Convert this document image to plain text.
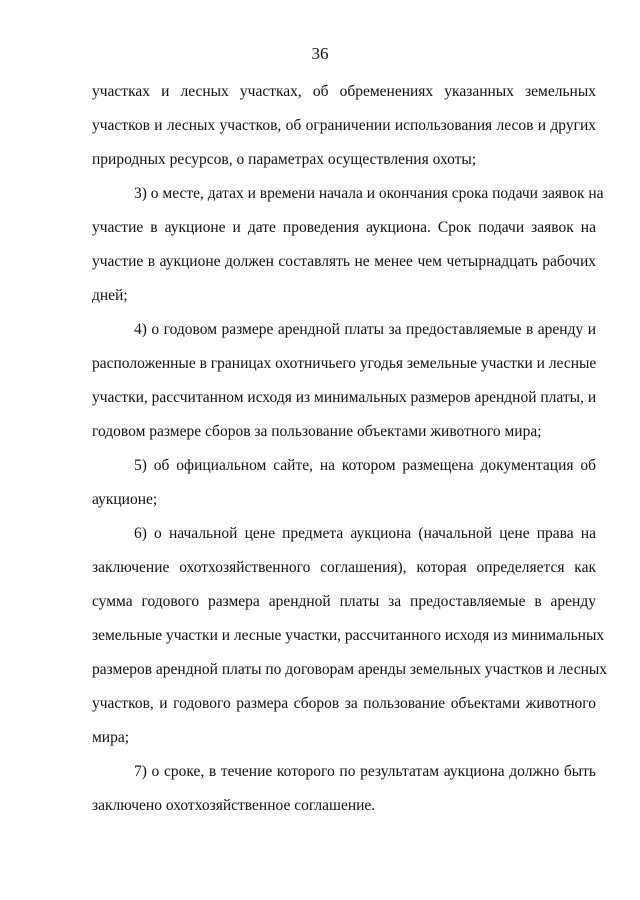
36
участках и лесных участках, об обременениях указанных земельных
участков и лесных участков, об ограничении использования лесов и других
природных ресурсов, о параметрах осуществления охоты;
3) о месте, датах и времени начала и окончания срока подачи заявок на
участие в аукционе и дате проведения аукциона. Срок подачи заявок на
участие в аукционе должен составлять не менее чем четырнадцать рабочих
дней;
4) о годовом размере арендной платы за предоставляемые в аренду и
расположенные в границах охотничьего угодья земельные участки и лесные
участки, рассчитанном исходя из минимальных размеров арендной платы, и
годовом размере сборов за пользование объектами животного мира;
5) об официальном сайте, на котором размещена документация об
аукционе;
6) о начальной цене предмета аукциона (начальной цене права на
заключение охотхозяйственного соглашения), которая определяется как
сумма годового размера арендной платы за предоставляемые в аренду
земельные участки и лесные участки, рассчитанного исходя из минимальных
размеров арендной платы по договорам аренды земельных участков и лесных
участков, и годового размера сборов за пользование объектами животного
мира;
7) о сроке, в течение которого по результатам аукциона должно быть
заключено охотхозяйственное соглашение.
